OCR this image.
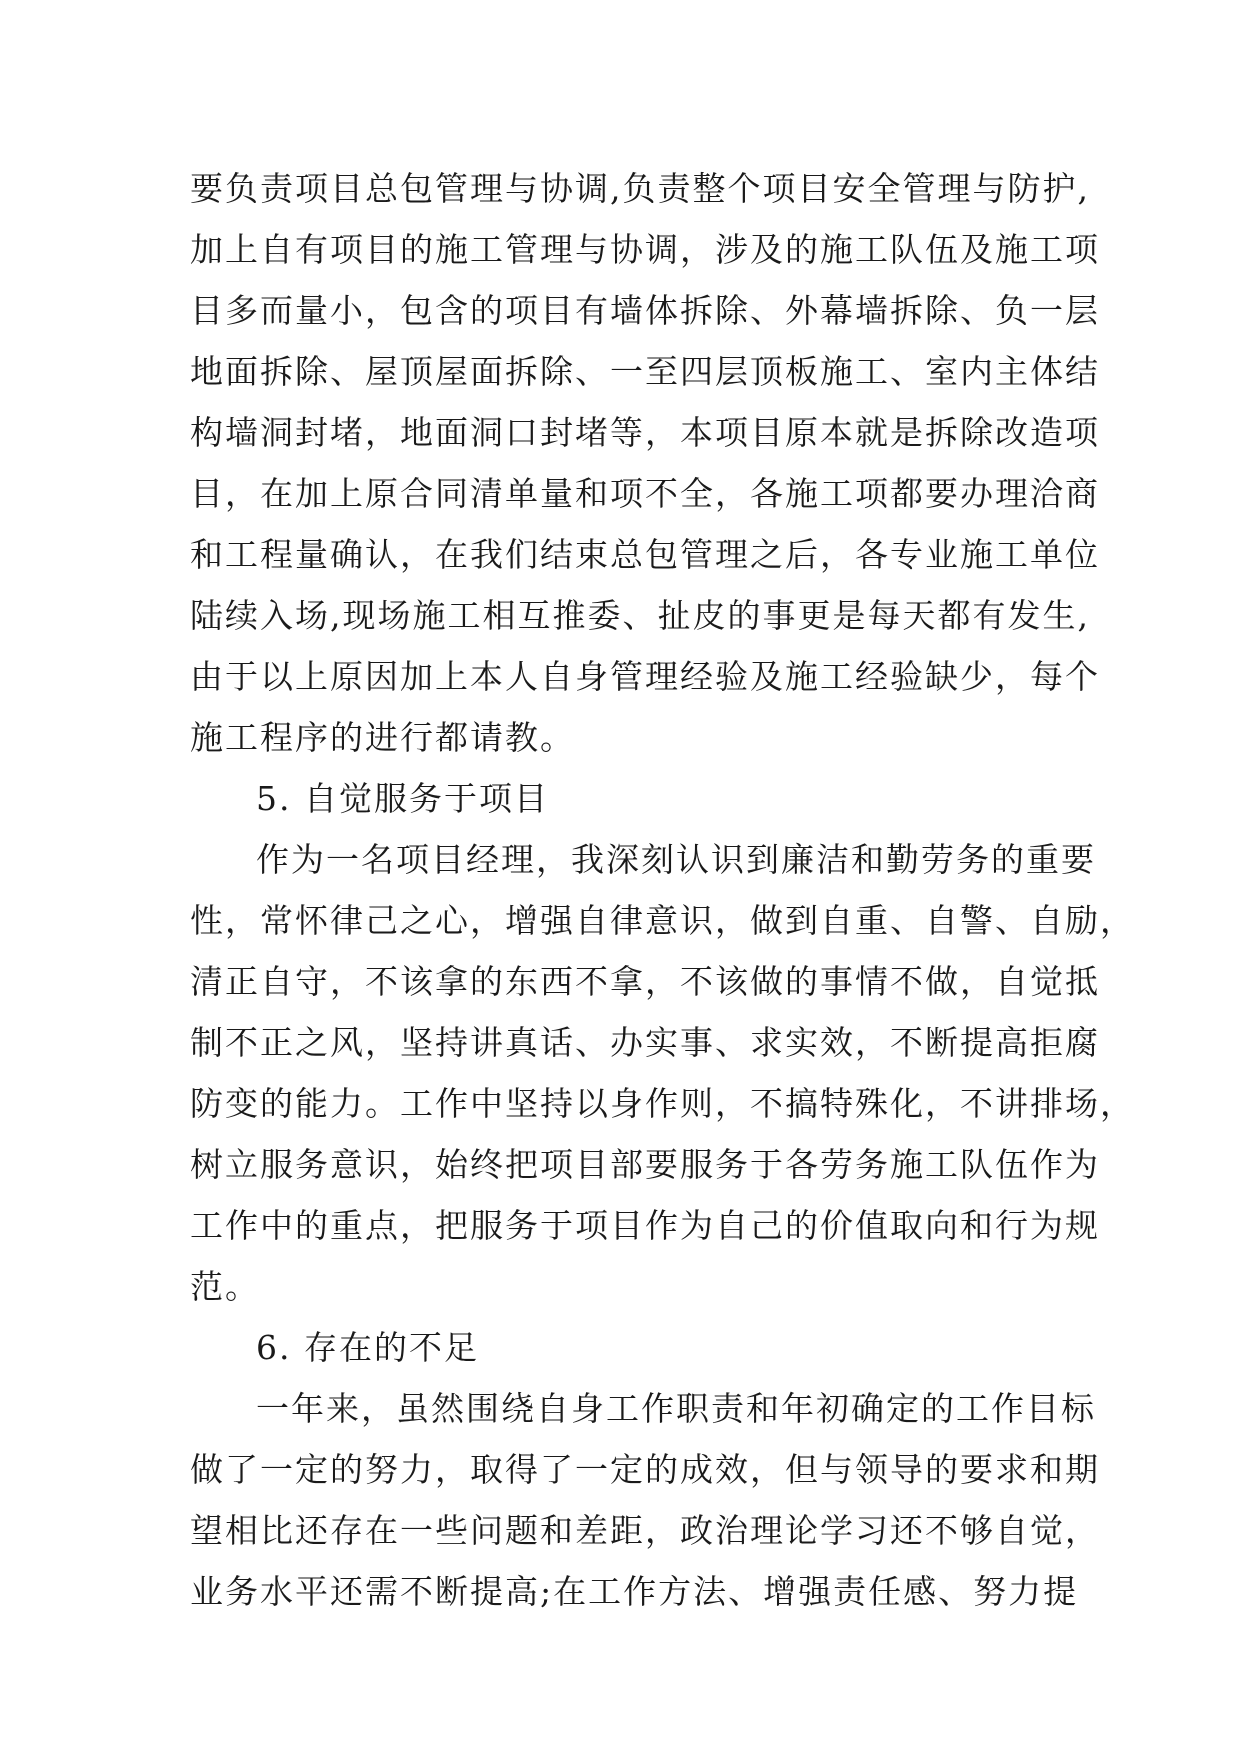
要负责项目总包管理与协调,负责整个项目安全管理与防护,
加上自有项目的施工管理与协调，涉及的施工队伍及施工项
目多而量小，包含的项目有墙体拆除、外幕墙拆除、负一层
地面拆除、屋顶屋面拆除、一至四层顶板施工、室内主体结
构墙洞封堵，地面洞口封堵等，本项目原本就是拆除改造项
目，在加上原合同清单量和项不全，各施工项都要办理洽商
和工程量确认，在我们结束总包管理之后，各专业施工单位
陆续入场,现场施工相互推委、扯皮的事更是每天都有发生,
由于以上原因加上本人自身管理经验及施工经验缺少，每个
施工程序的进行都请教。
5. 自觉服务于项目
作为一名项目经理，我深刻认识到廉洁和勤劳务的重要
性，常怀律己之心，增强自律意识，做到自重、自警、自励，
清正自守，不该拿的东西不拿，不该做的事情不做，自觉抵
制不正之风，坚持讲真话、办实事、求实效，不断提高拒腐
防变的能力。工作中坚持以身作则，不搞特殊化，不讲排场，
树立服务意识，始终把项目部要服务于各劳务施工队伍作为
工作中的重点，把服务于项目作为自己的价值取向和行为规
范。
6. 存在的不足
一年来，虽然围绕自身工作职责和年初确定的工作目标
做了一定的努力，取得了一定的成效，但与领导的要求和期
望相比还存在一些问题和差距，政治理论学习还不够自觉，
业务水平还需不断提高;在工作方法、增强责任感、努力提
